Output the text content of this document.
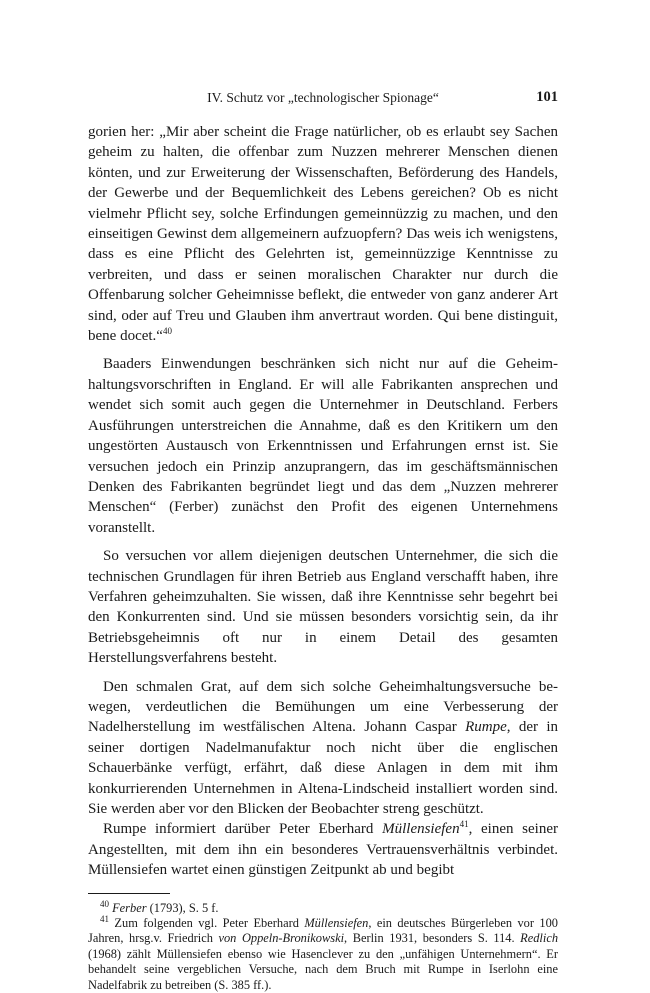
IV. Schutz vor „technologischer Spionage“	101

gorien her: „Mir aber scheint die Frage natürlicher, ob es erlaubt sey Sachen geheim zu halten, die offenbar zum Nuzzen mehrerer Menschen dienen könten, und zur Erweiterung der Wissenschaften, Beförderung des Handels, der Gewerbe und der Bequemlichkeit des Lebens gereichen? Ob es nicht vielmehr Pflicht sey, solche Erfindungen gemeinnüzzig zu machen, und den einseitigen Gewinst dem allgemeinern aufzuopfern? Das weis ich wenigstens, dass es eine Pflicht des Gelehrten ist, gemeinnüzzige Kenntnisse zu verbreiten, und dass er seinen moralischen Charakter nur durch die Offenbarung solcher Geheimnisse beflekt, die entweder von ganz anderer Art sind, oder auf Treu und Glauben ihm anvertraut worden. Qui bene distinguit, bene docet.“$^{40}$

Baaders Einwendungen beschränken sich nicht nur auf die Geheimhaltungsvorschriften in England. Er will alle Fabrikanten ansprechen und wendet sich somit auch gegen die Unternehmer in Deutschland. Ferbers Ausführungen unterstreichen die Annahme, daß es den Kritikern um den ungestörten Austausch von Erkenntnissen und Erfahrungen ernst ist. Sie versuchen jedoch ein Prinzip anzuprangern, das im geschäftsmännischen Denken des Fabrikanten begründet liegt und das dem „Nuzzen mehrerer Menschen“ (Ferber) zunächst den Profit des eigenen Unternehmens voranstellt.

So versuchen vor allem diejenigen deutschen Unternehmer, die sich die technischen Grundlagen für ihren Betrieb aus England verschafft haben, ihre Verfahren geheimzuhalten. Sie wissen, daß ihre Kenntnisse sehr begehrt bei den Konkurrenten sind. Und sie müssen besonders vorsichtig sein, da ihr Betriebsgeheimnis oft nur in einem Detail des gesamten Herstellungsverfahrens besteht.

Den schmalen Grat, auf dem sich solche Geheimhaltungsversuche bewegen, verdeutlichen die Bemühungen um eine Verbesserung der Nadelherstellung im westfälischen Altena. Johann Caspar Rumpe, der in seiner dortigen Nadelmanufaktur noch nicht über die englischen Schauerbänke verfügt, erfährt, daß diese Anlagen in dem mit ihm konkurrierenden Unternehmen in Altena-Lindscheid installiert worden sind. Sie werden aber vor den Blicken der Beobachter streng geschützt.

Rumpe informiert darüber Peter Eberhard Müllensiefen$^{41}$, einen seiner Angestellten, mit dem ihn ein besonderes Vertrauensverhältnis verbindet. Müllensiefen wartet einen günstigen Zeitpunkt ab und begibt

$^{40}$ Ferber (1793), S. 5 f.

$^{41}$ Zum folgenden vgl. Peter Eberhard Müllensiefen, ein deutsches Bürgerleben vor 100 Jahren, hrsg.v. Friedrich von Oppeln-Bronikowski, Berlin 1931, besonders S. 114. Redlich (1968) zählt Müllensiefen ebenso wie Hasenclever zu den „unfähigen Unternehmern“. Er behandelt seine vergeblichen Versuche, nach dem Bruch mit Rumpe in Iserlohn eine Nadelfabrik zu betreiben (S. 385 ff.).
